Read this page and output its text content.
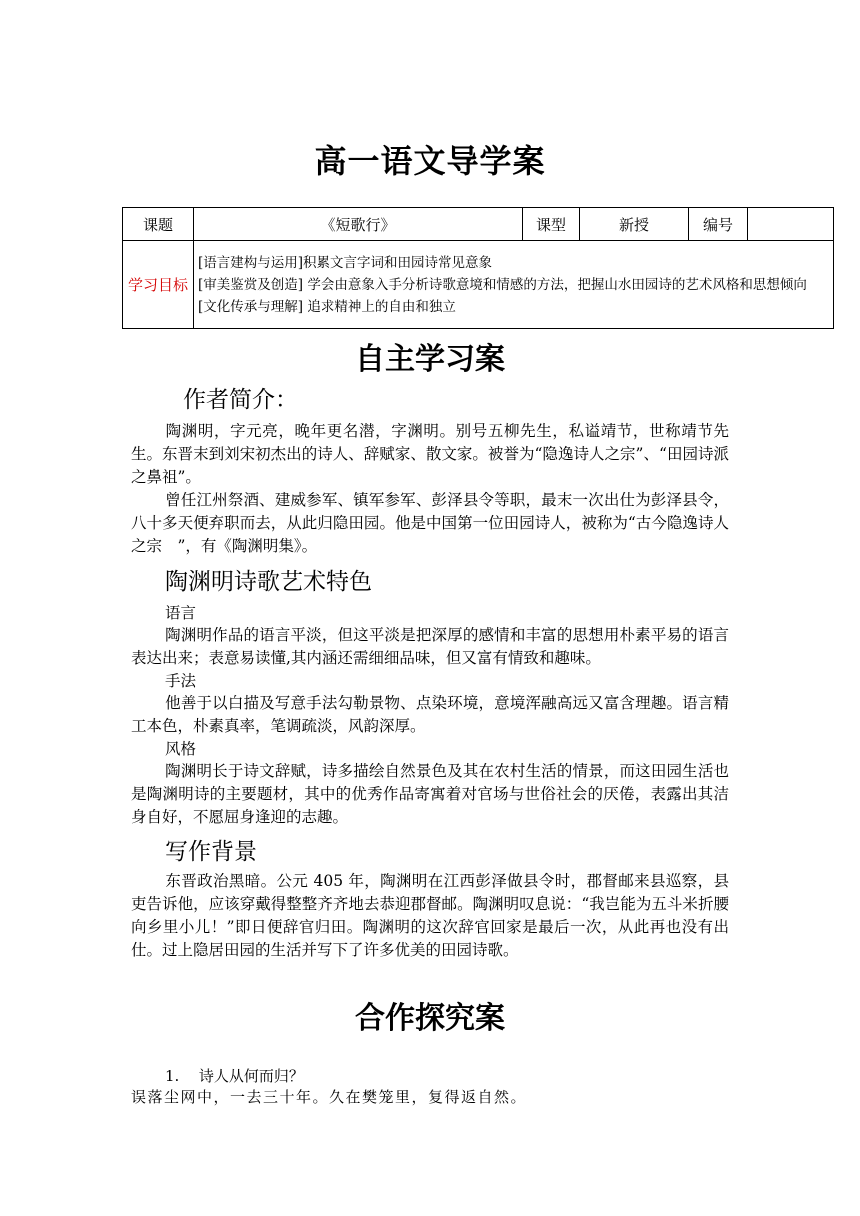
高一语文导学案
课题	《短歌行》	课型	新授	编号	
学习目标	[语言建构与运用]积累文言字词和田园诗常见意象
[审美鉴赏及创造] 学会由意象入手分析诗歌意境和情感的方法，把握山水田园诗的艺术风格和思想倾向
[文化传承与理解] 追求精神上的自由和独立				
自主学习案
作者简介：
陶渊明，字元亮，晚年更名潜，字渊明。别号五柳先生，私谥靖节，世称靖节先生。东晋末到刘宋初杰出的诗人、辞赋家、散文家。被誉为“隐逸诗人之宗”、“田园诗派之鼻祖”。
曾任江州祭酒、建威参军、镇军参军、彭泽县令等职，最末一次出仕为彭泽县令，八十多天便弃职而去，从此归隐田园。他是中国第一位田园诗人，被称为“古今隐逸诗人之宗　”，有《陶渊明集》。
陶渊明诗歌艺术特色
语言
陶渊明作品的语言平淡，但这平淡是把深厚的感情和丰富的思想用朴素平易的语言表达出来；表意易读懂,其内涵还需细细品味，但又富有情致和趣味。
手法
他善于以白描及写意手法勾勒景物、点染环境，意境浑融高远又富含理趣。语言精工本色，朴素真率，笔调疏淡，风韵深厚。
风格
陶渊明长于诗文辞赋，诗多描绘自然景色及其在农村生活的情景，而这田园生活也是陶渊明诗的主要题材，其中的优秀作品寄寓着对官场与世俗社会的厌倦，表露出其洁身自好，不愿屈身逢迎的志趣。
写作背景
东晋政治黑暗。公元 405 年，陶渊明在江西彭泽做县令时，郡督邮来县巡察，县吏告诉他，应该穿戴得整整齐齐地去恭迎郡督邮。陶渊明叹息说：“我岂能为五斗米折腰向乡里小儿！”即日便辞官归田。陶渊明的这次辞官回家是最后一次，从此再也没有出仕。过上隐居田园的生活并写下了许多优美的田园诗歌。
合作探究案
1. 诗人从何而归？
误落尘网中，一去三十年。久在樊笼里，复得返自然。
